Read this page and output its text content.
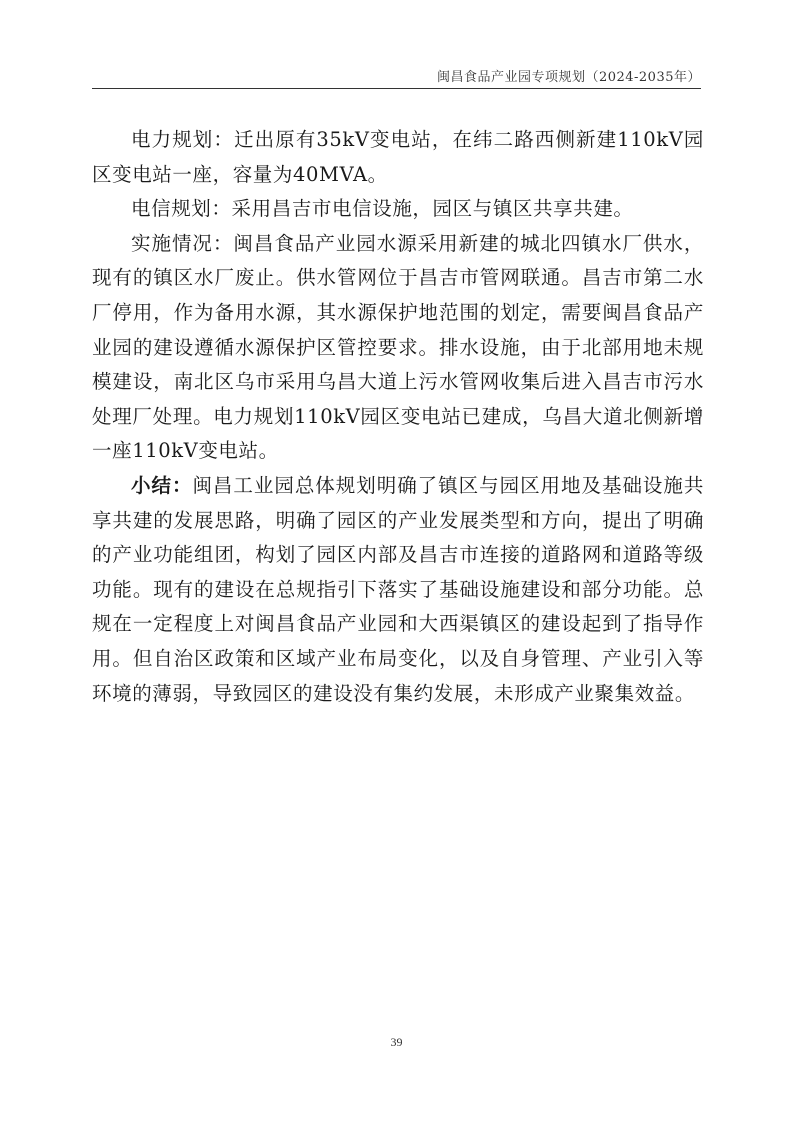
闽昌食品产业园专项规划（2024-2035年）

电力规划：迁出原有35kV变电站，在纬二路西侧新建110kV园区变电站一座，容量为40MVA。

电信规划：采用昌吉市电信设施，园区与镇区共享共建。

实施情况：闽昌食品产业园水源采用新建的城北四镇水厂供水，现有的镇区水厂废止。供水管网位于昌吉市管网联通。昌吉市第二水厂停用，作为备用水源，其水源保护地范围的划定，需要闽昌食品产业园的建设遵循水源保护区管控要求。排水设施，由于北部用地未规模建设，南北区乌市采用乌昌大道上污水管网收集后进入昌吉市污水处理厂处理。电力规划110kV园区变电站已建成，乌昌大道北侧新增一座110kV变电站。

小结：闽昌工业园总体规划明确了镇区与园区用地及基础设施共享共建的发展思路，明确了园区的产业发展类型和方向，提出了明确的产业功能组团，构划了园区内部及昌吉市连接的道路网和道路等级功能。现有的建设在总规指引下落实了基础设施建设和部分功能。总规在一定程度上对闽昌食品产业园和大西渠镇区的建设起到了指导作用。但自治区政策和区域产业布局变化，以及自身管理、产业引入等环境的薄弱，导致园区的建设没有集约发展，未形成产业聚集效益。

39
